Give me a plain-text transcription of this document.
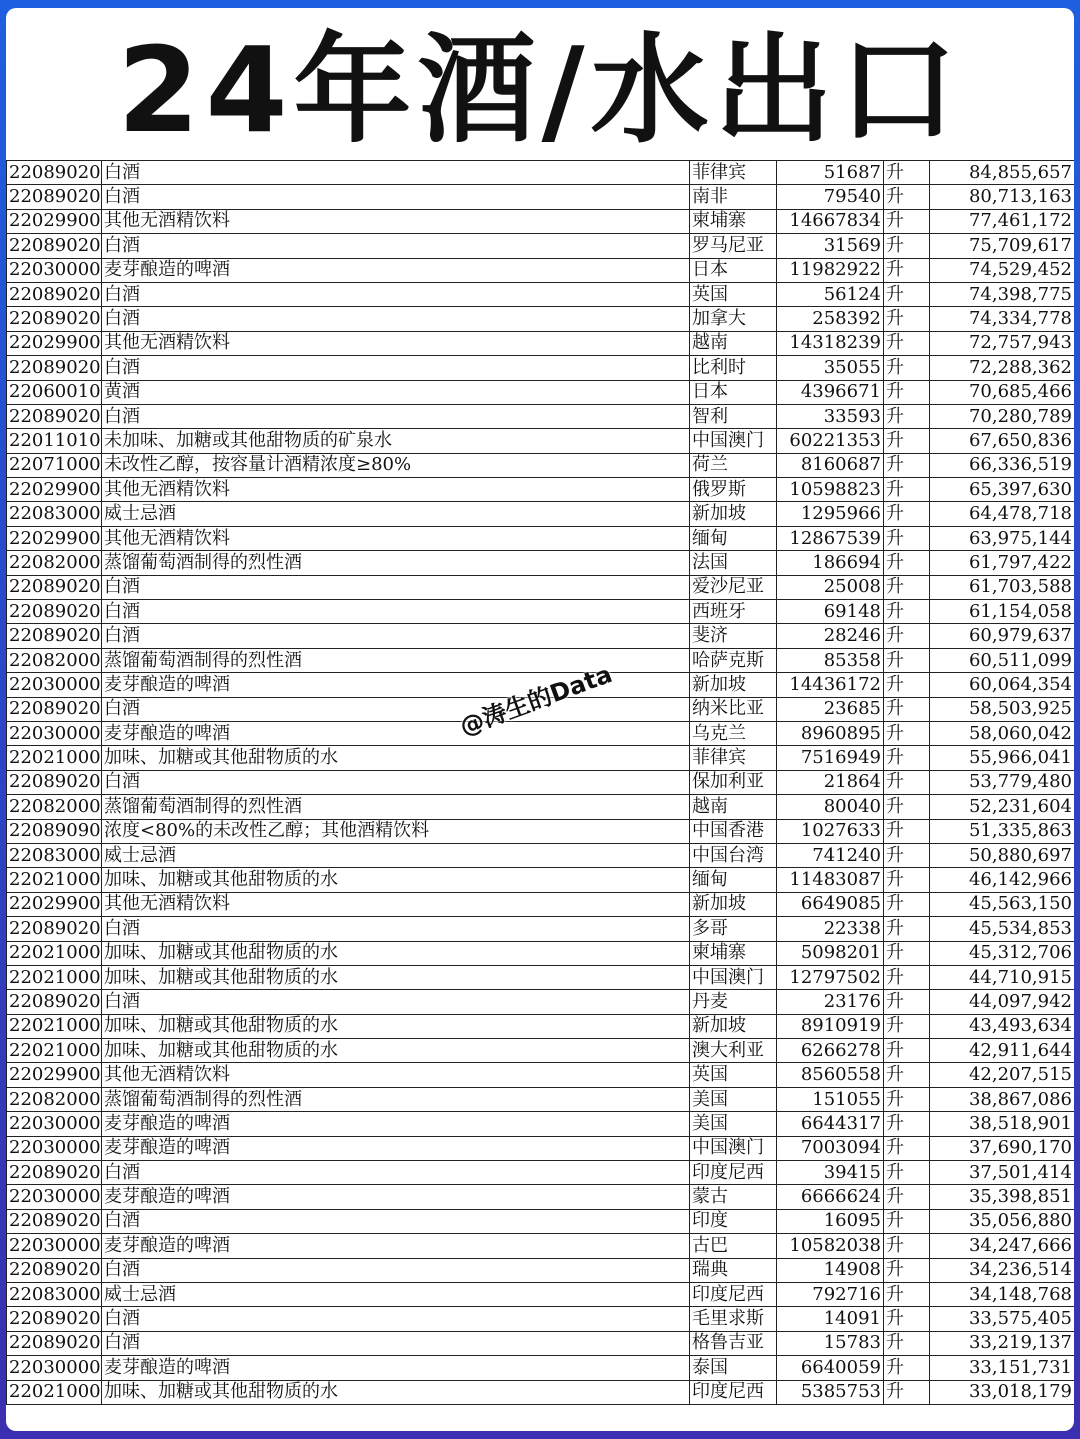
24年酒/水出口
22089020	白酒	菲律宾	51687	升	84,855,657
22089020	白酒	南非	79540	升	80,713,163
22029900	其他无酒精饮料	柬埔寨	14667834	升	77,461,172
22089020	白酒	罗马尼亚	31569	升	75,709,617
22030000	麦芽酿造的啤酒	日本	11982922	升	74,529,452
22089020	白酒	英国	56124	升	74,398,775
22089020	白酒	加拿大	258392	升	74,334,778
22029900	其他无酒精饮料	越南	14318239	升	72,757,943
22089020	白酒	比利时	35055	升	72,288,362
22060010	黄酒	日本	4396671	升	70,685,466
22089020	白酒	智利	33593	升	70,280,789
22011010	未加味、加糖或其他甜物质的矿泉水	中国澳门	60221353	升	67,650,836
22071000	未改性乙醇，按容量计酒精浓度≥80%	荷兰	8160687	升	66,336,519
22029900	其他无酒精饮料	俄罗斯	10598823	升	65,397,630
22083000	威士忌酒	新加坡	1295966	升	64,478,718
22029900	其他无酒精饮料	缅甸	12867539	升	63,975,144
22082000	蒸馏葡萄酒制得的烈性酒	法国	186694	升	61,797,422
22089020	白酒	爱沙尼亚	25008	升	61,703,588
22089020	白酒	西班牙	69148	升	61,154,058
22089020	白酒	斐济	28246	升	60,979,637
22082000	蒸馏葡萄酒制得的烈性酒	哈萨克斯	85358	升	60,511,099
22030000	麦芽酿造的啤酒	新加坡	14436172	升	60,064,354
22089020	白酒	纳米比亚	23685	升	58,503,925
22030000	麦芽酿造的啤酒	乌克兰	8960895	升	58,060,042
22021000	加味、加糖或其他甜物质的水	菲律宾	7516949	升	55,966,041
22089020	白酒	保加利亚	21864	升	53,779,480
22082000	蒸馏葡萄酒制得的烈性酒	越南	80040	升	52,231,604
22089090	浓度<80%的未改性乙醇；其他酒精饮料	中国香港	1027633	升	51,335,863
22083000	威士忌酒	中国台湾	741240	升	50,880,697
22021000	加味、加糖或其他甜物质的水	缅甸	11483087	升	46,142,966
22029900	其他无酒精饮料	新加坡	6649085	升	45,563,150
22089020	白酒	多哥	22338	升	45,534,853
22021000	加味、加糖或其他甜物质的水	柬埔寨	5098201	升	45,312,706
22021000	加味、加糖或其他甜物质的水	中国澳门	12797502	升	44,710,915
22089020	白酒	丹麦	23176	升	44,097,942
22021000	加味、加糖或其他甜物质的水	新加坡	8910919	升	43,493,634
22021000	加味、加糖或其他甜物质的水	澳大利亚	6266278	升	42,911,644
22029900	其他无酒精饮料	英国	8560558	升	42,207,515
22082000	蒸馏葡萄酒制得的烈性酒	美国	151055	升	38,867,086
22030000	麦芽酿造的啤酒	美国	6644317	升	38,518,901
22030000	麦芽酿造的啤酒	中国澳门	7003094	升	37,690,170
22089020	白酒	印度尼西	39415	升	37,501,414
22030000	麦芽酿造的啤酒	蒙古	6666624	升	35,398,851
22089020	白酒	印度	16095	升	35,056,880
22030000	麦芽酿造的啤酒	古巴	10582038	升	34,247,666
22089020	白酒	瑞典	14908	升	34,236,514
22083000	威士忌酒	印度尼西	792716	升	34,148,768
22089020	白酒	毛里求斯	14091	升	33,575,405
22089020	白酒	格鲁吉亚	15783	升	33,219,137
22030000	麦芽酿造的啤酒	泰国	6640059	升	33,151,731
22021000	加味、加糖或其他甜物质的水	印度尼西	5385753	升	33,018,179
@涛生的Data
